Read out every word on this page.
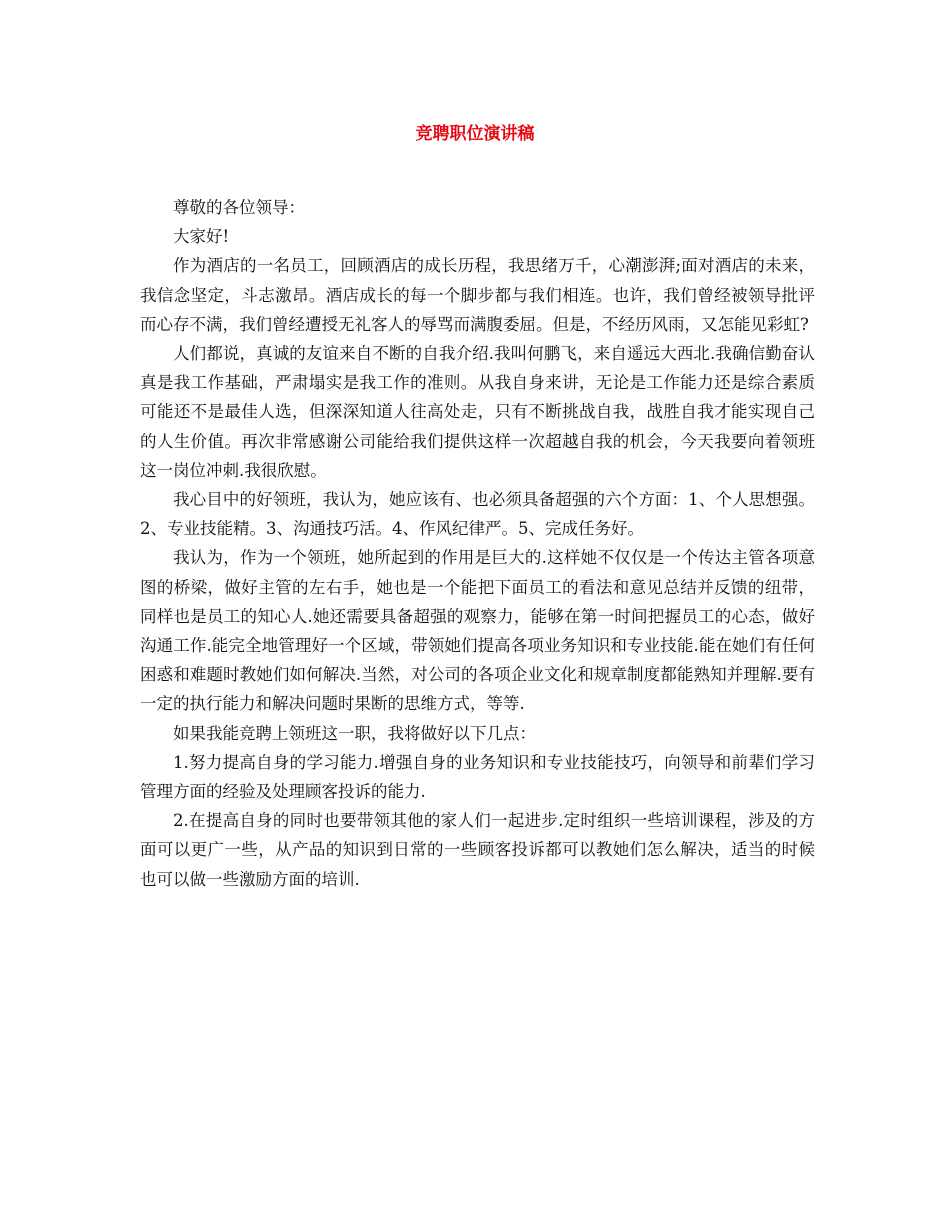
竞聘职位演讲稿

尊敬的各位领导：

大家好!

作为酒店的一名员工，回顾酒店的成长历程，我思绪万千，心潮澎湃;面对酒店的未来，我信念坚定，斗志激昂。酒店成长的每一个脚步都与我们相连。也许，我们曾经被领导批评而心存不满，我们曾经遭授无礼客人的辱骂而满腹委屈。但是，不经历风雨，又怎能见彩虹?

人们都说，真诚的友谊来自不断的自我介绍.我叫何鹏飞，来自遥远大西北.我确信勤奋认真是我工作基础，严肃塌实是我工作的准则。从我自身来讲，无论是工作能力还是综合素质可能还不是最佳人选，但深深知道人往高处走，只有不断挑战自我，战胜自我才能实现自己的人生价值。再次非常感谢公司能给我们提供这样一次超越自我的机会，今天我要向着领班这一岗位冲刺.我很欣慰。

我心目中的好领班，我认为，她应该有、也必须具备超强的六个方面：1、个人思想强。2、专业技能精。3、沟通技巧活。4、作风纪律严。5、完成任务好。

我认为，作为一个领班，她所起到的作用是巨大的.这样她不仅仅是一个传达主管各项意图的桥梁，做好主管的左右手，她也是一个能把下面员工的看法和意见总结并反馈的纽带，同样也是员工的知心人.她还需要具备超强的观察力，能够在第一时间把握员工的心态，做好沟通工作.能完全地管理好一个区域，带领她们提高各项业务知识和专业技能.能在她们有任何困惑和难题时教她们如何解决.当然，对公司的各项企业文化和规章制度都能熟知并理解.要有一定的执行能力和解决问题时果断的思维方式，等等.

如果我能竞聘上领班这一职，我将做好以下几点：

1.努力提高自身的学习能力.增强自身的业务知识和专业技能技巧，向领导和前辈们学习管理方面的经验及处理顾客投诉的能力.

2.在提高自身的同时也要带领其他的家人们一起进步.定时组织一些培训课程，涉及的方面可以更广一些，从产品的知识到日常的一些顾客投诉都可以教她们怎么解决，适当的时候也可以做一些激励方面的培训.
